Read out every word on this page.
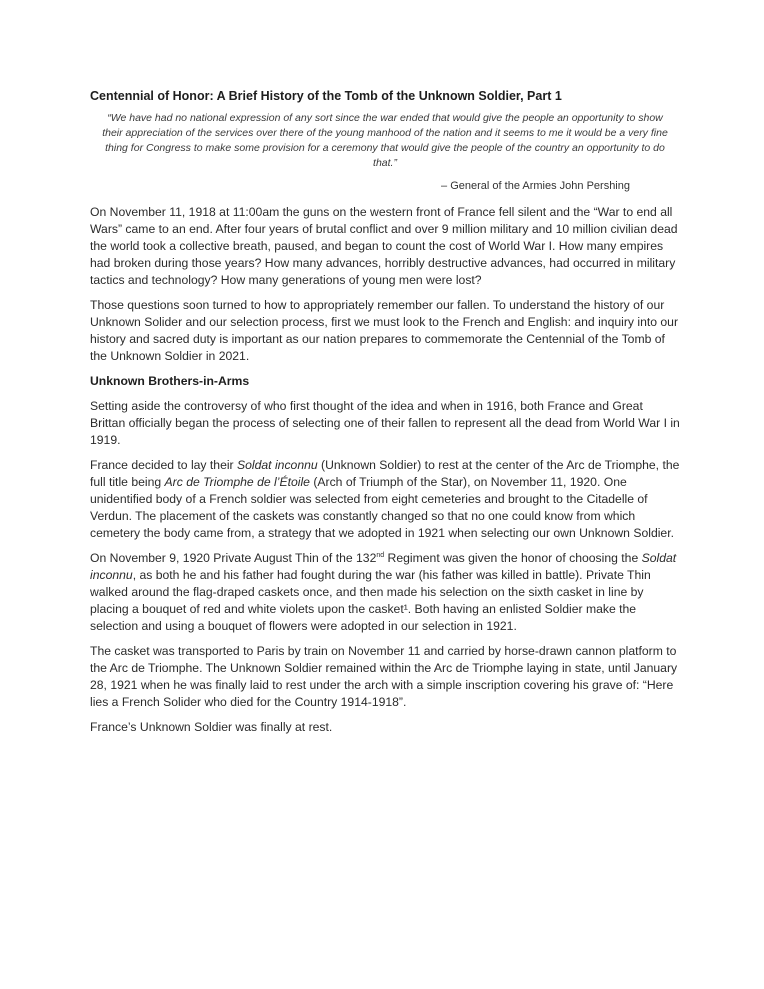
Centennial of Honor: A Brief History of the Tomb of the Unknown Soldier, Part 1
“We have had no national expression of any sort since the war ended that would give the people an opportunity to show their appreciation of the services over there of the young manhood of the nation and it seems to me it would be a very fine thing for Congress to make some provision for a ceremony that would give the people of the country an opportunity to do that.”
– General of the Armies John Pershing

On November 11, 1918 at 11:00am the guns on the western front of France fell silent and the “War to end all Wars” came to an end. After four years of brutal conflict and over 9 million military and 10 million civilian dead the world took a collective breath, paused, and began to count the cost of World War I. How many empires had broken during those years? How many advances, horribly destructive advances, had occurred in military tactics and technology? How many generations of young men were lost?

Those questions soon turned to how to appropriately remember our fallen. To understand the history of our Unknown Solider and our selection process, first we must look to the French and English: and inquiry into our history and sacred duty is important as our nation prepares to commemorate the Centennial of the Tomb of the Unknown Soldier in 2021.

Unknown Brothers-in-Arms

Setting aside the controversy of who first thought of the idea and when in 1916, both France and Great Brittan officially began the process of selecting one of their fallen to represent all the dead from World War I in 1919.

France decided to lay their Soldat inconnu (Unknown Soldier) to rest at the center of the Arc de Triomphe, the full title being Arc de Triomphe de l’Étoile (Arch of Triumph of the Star), on November 11, 1920. One unidentified body of a French soldier was selected from eight cemeteries and brought to the Citadelle of Verdun. The placement of the caskets was constantly changed so that no one could know from which cemetery the body came from, a strategy that we adopted in 1921 when selecting our own Unknown Soldier.

On November 9, 1920 Private August Thin of the 132nd Regiment was given the honor of choosing the Soldat inconnu, as both he and his father had fought during the war (his father was killed in battle). Private Thin walked around the flag-draped caskets once, and then made his selection on the sixth casket in line by placing a bouquet of red and white violets upon the casket¹. Both having an enlisted Soldier make the selection and using a bouquet of flowers were adopted in our selection in 1921.

The casket was transported to Paris by train on November 11 and carried by horse-drawn cannon platform to the Arc de Triomphe. The Unknown Soldier remained within the Arc de Triomphe laying in state, until January 28, 1921 when he was finally laid to rest under the arch with a simple inscription covering his grave of: “Here lies a French Solider who died for the Country 1914-1918”.

France’s Unknown Soldier was finally at rest.
